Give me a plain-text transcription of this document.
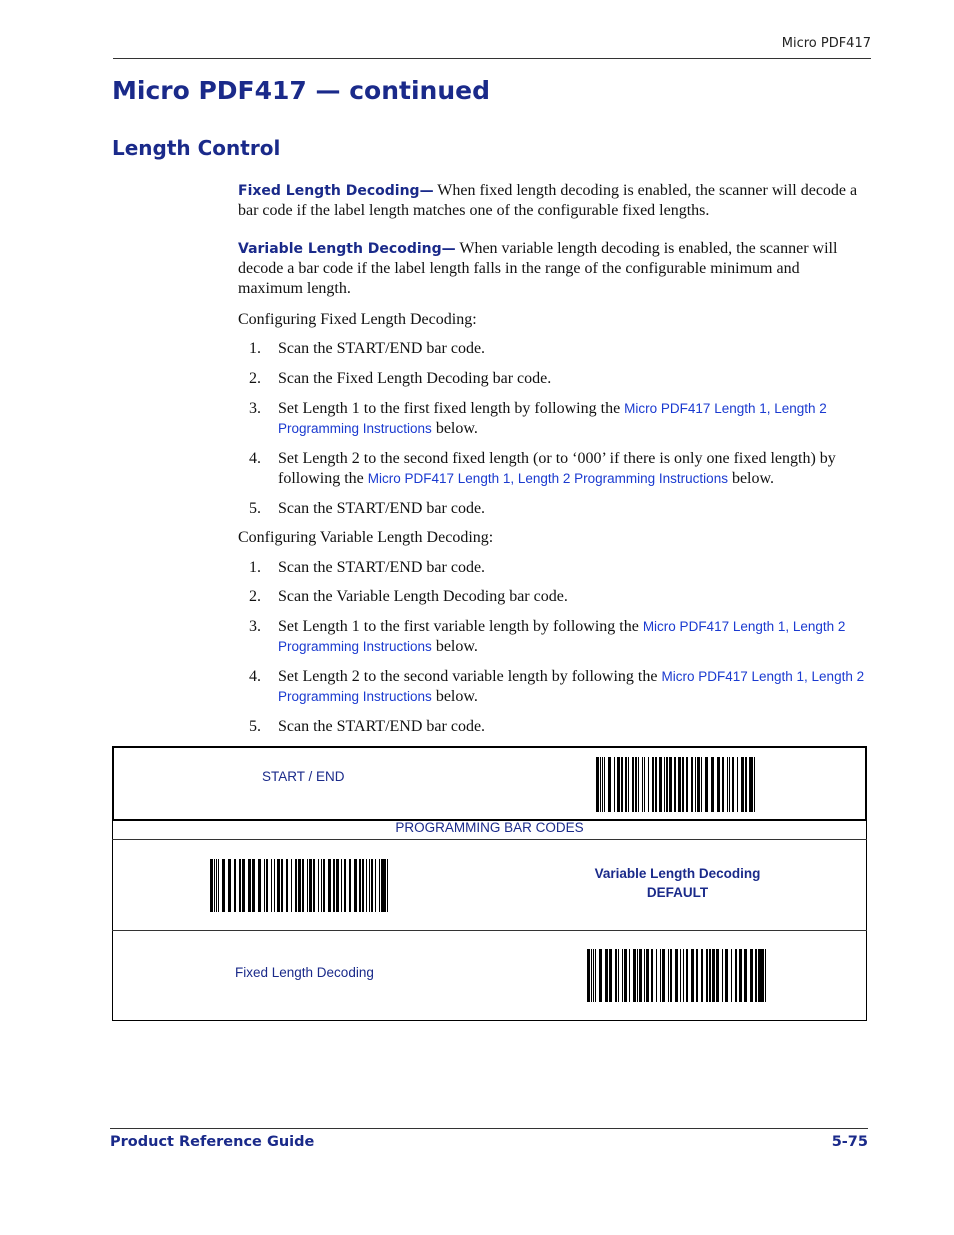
Micro PDF417
Micro PDF417 — continued
Length Control
Fixed Length Decoding— When fixed length decoding is enabled, the scanner will decode a bar code if the label length matches one of the configurable fixed lengths.
Variable Length Decoding— When variable length decoding is enabled, the scanner will decode a bar code if the label length falls in the range of the configurable minimum and maximum length.
Configuring Fixed Length Decoding:
1. Scan the START/END bar code.
2. Scan the Fixed Length Decoding bar code.
3. Set Length 1 to the first fixed length by following the Micro PDF417 Length 1, Length 2 Programming Instructions below.
4. Set Length 2 to the second fixed length (or to ‘000’ if there is only one fixed length) by following the Micro PDF417 Length 1, Length 2 Programming Instructions below.
5. Scan the START/END bar code.
Configuring Variable Length Decoding:
1. Scan the START/END bar code.
2. Scan the Variable Length Decoding bar code.
3. Set Length 1 to the first variable length by following the Micro PDF417 Length 1, Length 2 Programming Instructions below.
4. Set Length 2 to the second variable length by following the Micro PDF417 Length 1, Length 2 Programming Instructions below.
5. Scan the START/END bar code.
START / END
PROGRAMMING BAR CODES
Variable Length Decoding
DEFAULT
Fixed Length Decoding
Product Reference Guide	5-75
